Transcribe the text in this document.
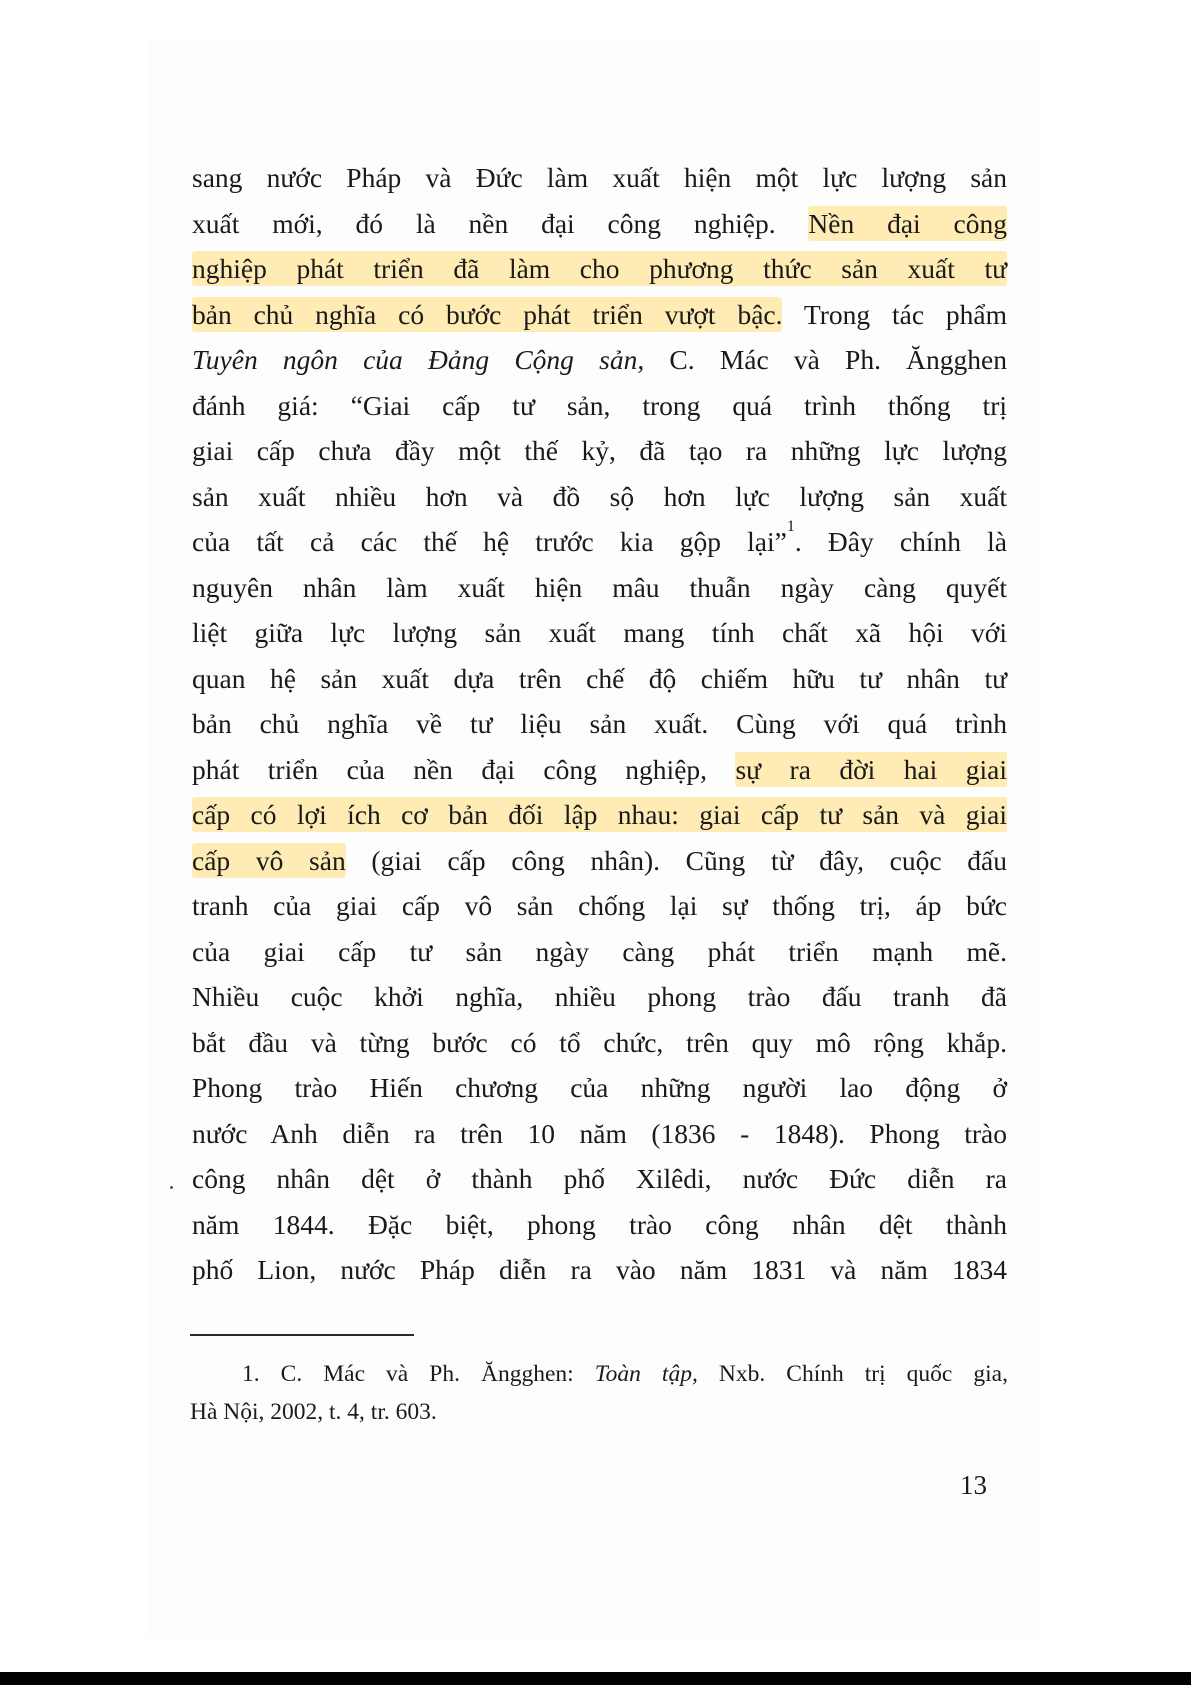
sang nước Pháp và Đức làm xuất hiện một lực lượng sản
xuất mới, đó là nền đại công nghiệp. Nền đại công
nghiệp phát triển đã làm cho phương thức sản xuất tư
bản chủ nghĩa có bước phát triển vượt bậc. Trong tác phẩm
Tuyên ngôn của Đảng Cộng sản, C. Mác và Ph. Ăngghen
đánh giá: “Giai cấp tư sản, trong quá trình thống trị
giai cấp chưa đầy một thế kỷ, đã tạo ra những lực lượng
sản xuất nhiều hơn và đồ sộ hơn lực lượng sản xuất
của tất cả các thế hệ trước kia gộp lại”$^1$. Đây chính là
nguyên nhân làm xuất hiện mâu thuẫn ngày càng quyết
liệt giữa lực lượng sản xuất mang tính chất xã hội với
quan hệ sản xuất dựa trên chế độ chiếm hữu tư nhân tư
bản chủ nghĩa về tư liệu sản xuất. Cùng với quá trình
phát triển của nền đại công nghiệp, sự ra đời hai giai
cấp có lợi ích cơ bản đối lập nhau: giai cấp tư sản và giai
cấp vô sản (giai cấp công nhân). Cũng từ đây, cuộc đấu
tranh của giai cấp vô sản chống lại sự thống trị, áp bức
của giai cấp tư sản ngày càng phát triển mạnh mẽ.
Nhiều cuộc khởi nghĩa, nhiều phong trào đấu tranh đã
bắt đầu và từng bước có tổ chức, trên quy mô rộng khắp.
Phong trào Hiến chương của những người lao động ở
nước Anh diễn ra trên 10 năm (1836 - 1848). Phong trào
công nhân dệt ở thành phố Xilêdi, nước Đức diễn ra
năm 1844. Đặc biệt, phong trào công nhân dệt thành
phố Lion, nước Pháp diễn ra vào năm 1831 và năm 1834
1. C. Mác và Ph. Ăngghen: Toàn tập, Nxb. Chính trị quốc gia,
Hà Nội, 2002, t. 4, tr. 603.
13
